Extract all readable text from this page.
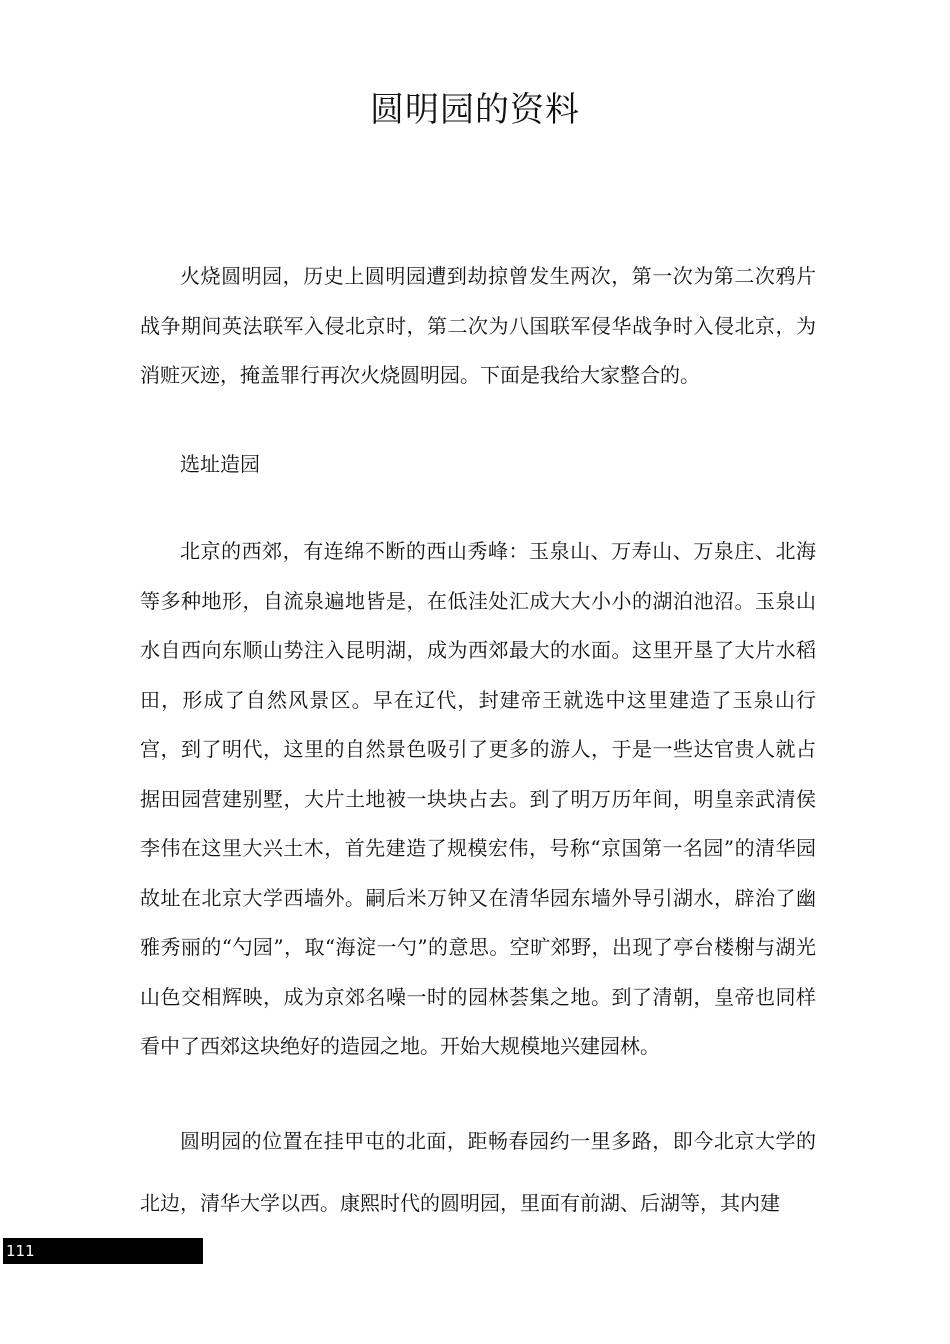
圆明园的资料

火烧圆明园，历史上圆明园遭到劫掠曾发生两次，第一次为第二次鸦片战争期间英法联军入侵北京时，第二次为八国联军侵华战争时入侵北京，为消赃灭迹，掩盖罪行再次火烧圆明园。下面是我给大家整合的。

选址造园

北京的西郊，有连绵不断的西山秀峰：玉泉山、万寿山、万泉庄、北海等多种地形，自流泉遍地皆是，在低洼处汇成大大小小的湖泊池沼。玉泉山水自西向东顺山势注入昆明湖，成为西郊最大的水面。这里开垦了大片水稻田，形成了自然风景区。早在辽代，封建帝王就选中这里建造了玉泉山行宫，到了明代，这里的自然景色吸引了更多的游人，于是一些达官贵人就占据田园营建别墅，大片土地被一块块占去。到了明万历年间，明皇亲武清侯李伟在这里大兴土木，首先建造了规模宏伟，号称“京国第一名园”的清华园故址在北京大学西墙外。嗣后米万钟又在清华园东墙外导引湖水，辟治了幽雅秀丽的“勺园”，取“海淀一勺”的意思。空旷郊野，出现了亭台楼榭与湖光山色交相辉映，成为京郊名噪一时的园林荟集之地。到了清朝，皇帝也同样看中了西郊这块绝好的造园之地。开始大规模地兴建园林。

圆明园的位置在挂甲屯的北面，距畅春园约一里多路，即今北京大学的北边，清华大学以西。康熙时代的圆明园，里面有前湖、后湖等，其内建

111
